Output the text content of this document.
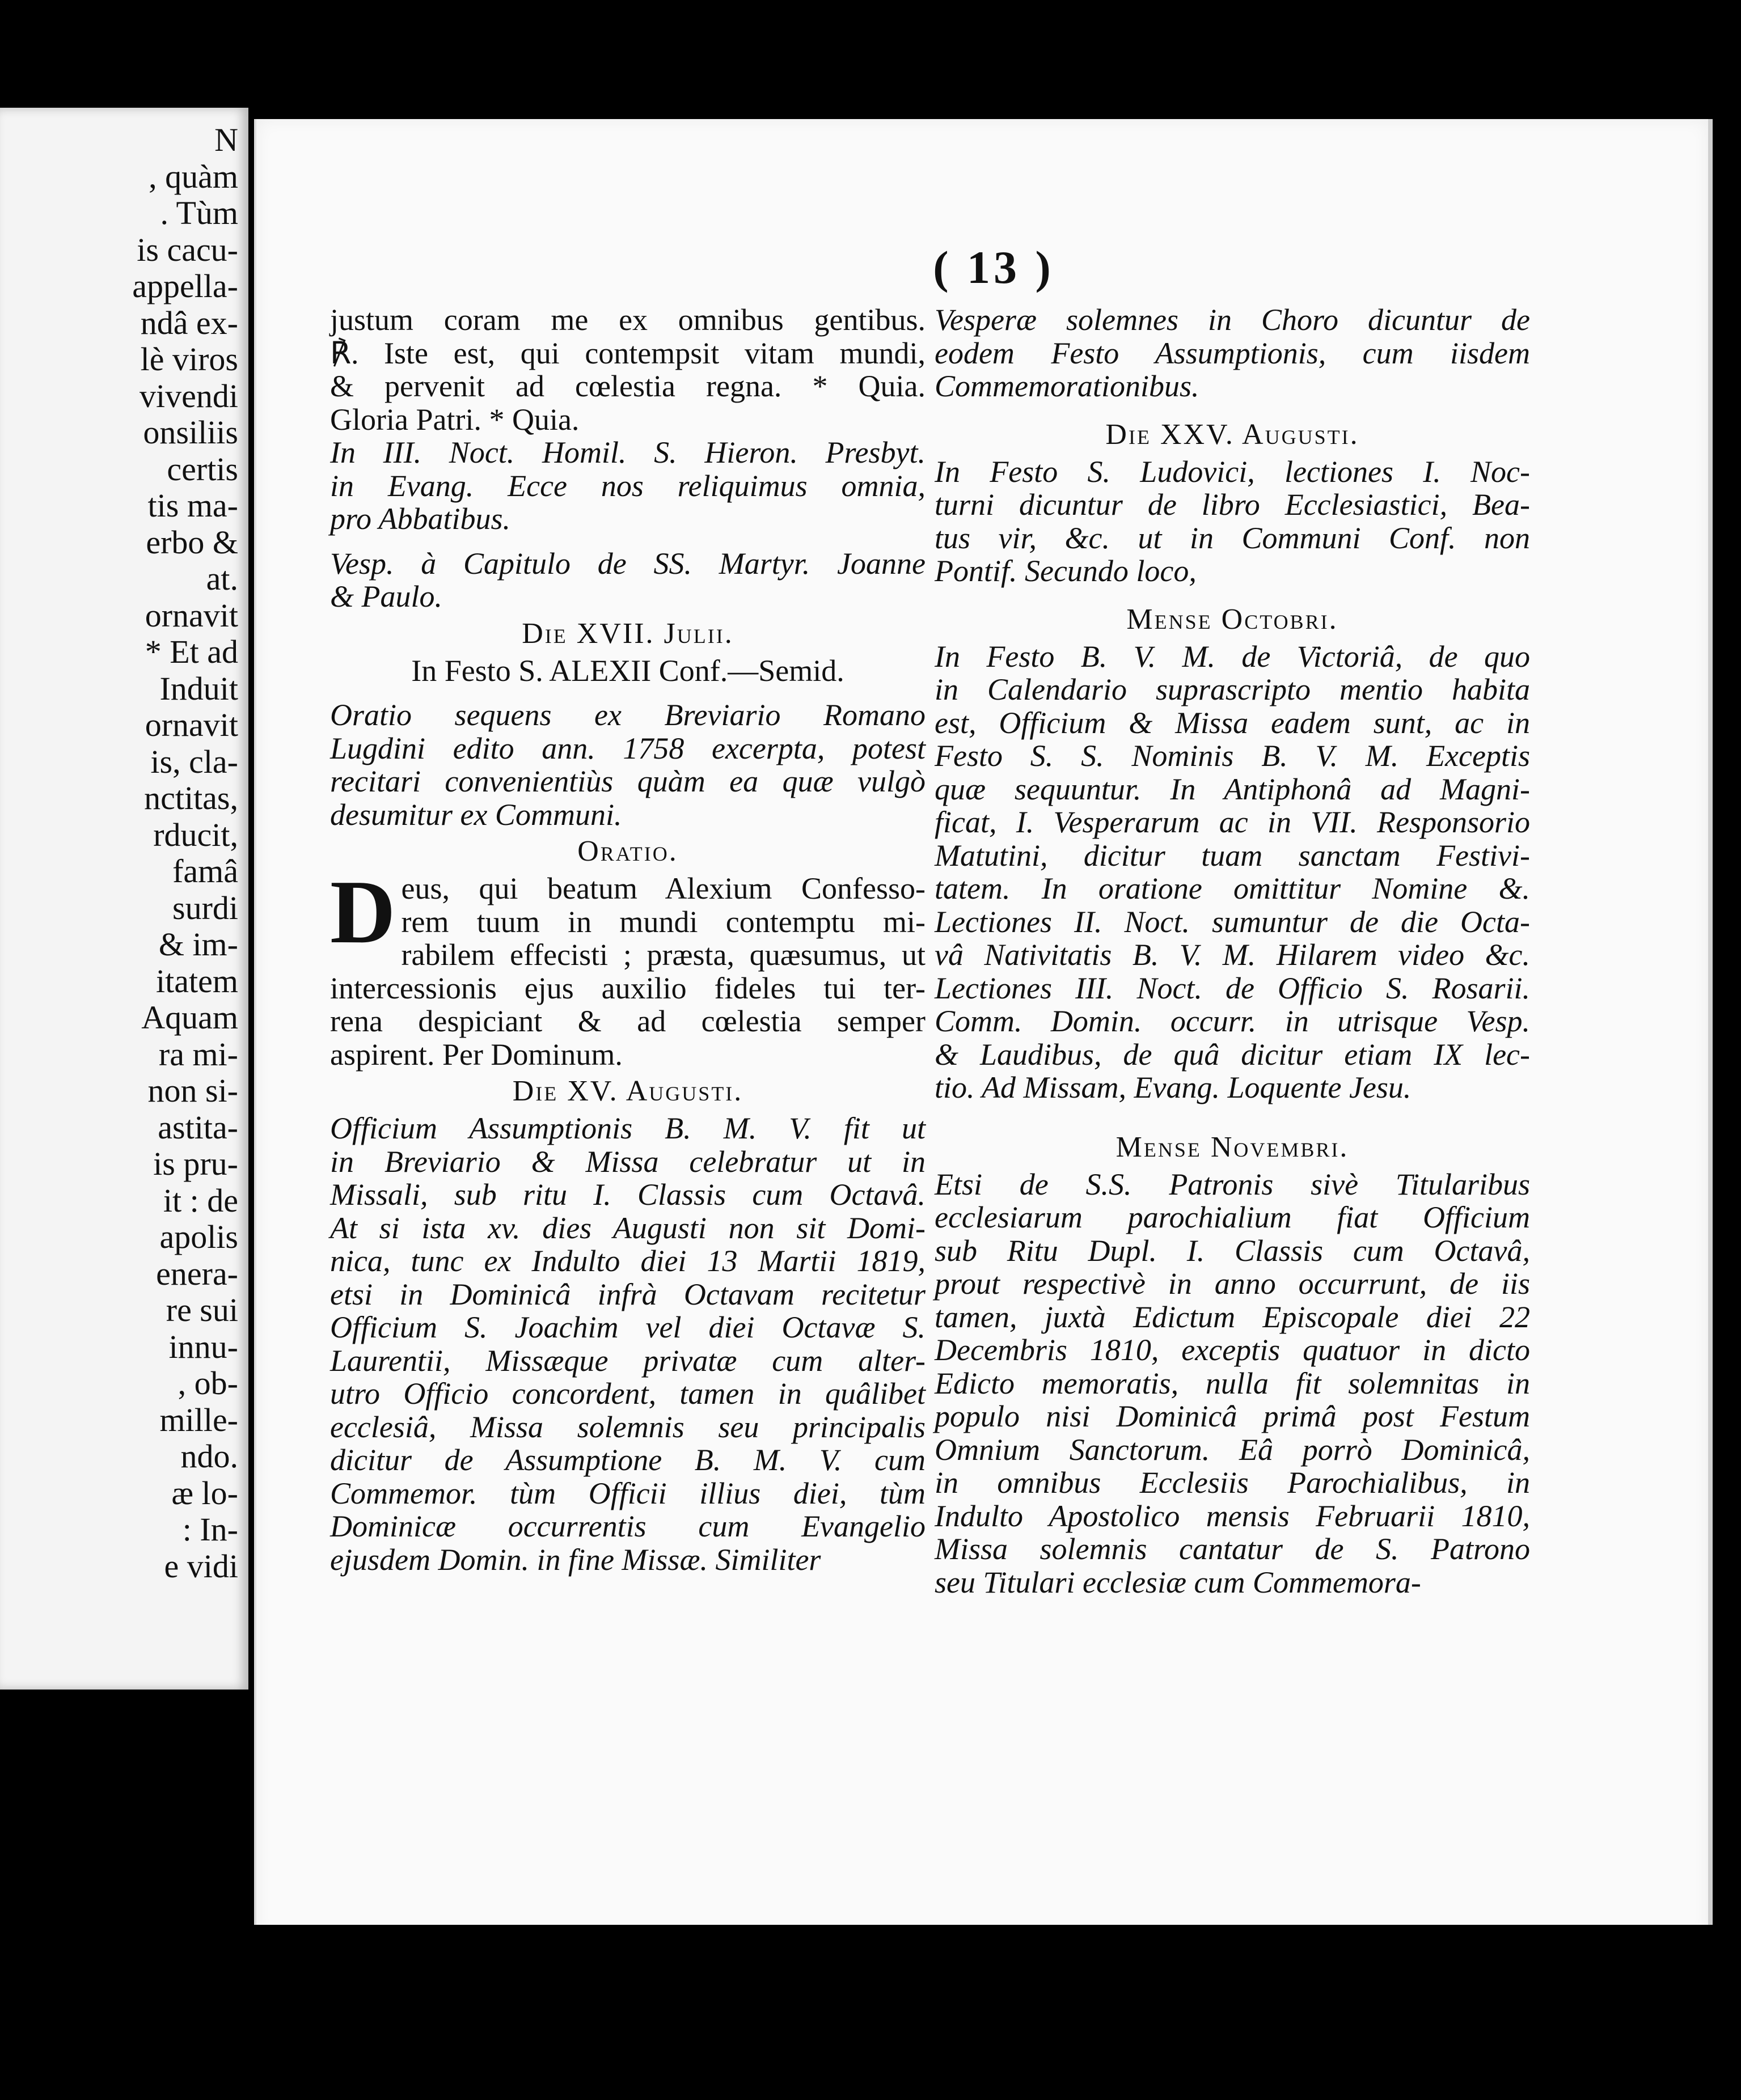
N
, quàm
. Tùm
is cacu-
appella-
ndâ ex-
lè viros
vivendi
onsiliis
certis
tis ma-
erbo &
at.
ornavit
* Et ad
Induit
ornavit
is, cla-
nctitas,
rducit,
famâ
surdi
& im-
itatem
Aquam
ra mi-
non si-
astita-
is pru-
it : de
apolis
enera-
re sui
innu-
, ob-
mille-
ndo.
æ lo-
: In-
e vidi
( 13 )
justum coram me ex omnibus gentibus.
℟. Iste est, qui contempsit vitam mundi,
& pervenit ad cœlestia regna. * Quia.
Gloria Patri. * Quia.
In III. Noct. Homil. S. Hieron. Presbyt.
in Evang. Ecce nos reliquimus omnia,
pro Abbatibus.
Vesp. à Capitulo de SS. Martyr. Joanne
& Paulo.
Die XVII. Julii.
In Festo S. ALEXII Conf.—Semid.
Oratio sequens ex Breviario Romano
Lugdini edito ann. 1758 excerpta, potest
recitari convenientiùs quàm ea quæ vulgò
desumitur ex Communi.
Oratio.
D eus, qui beatum Alexium Confesso-
rem tuum in mundi contemptu mi-
rabilem effecisti ; præsta, quæsumus, ut
intercessionis ejus auxilio fideles tui ter-
rena despiciant & ad cœlestia semper
aspirent. Per Dominum.
Die XV. Augusti.
Officium Assumptionis B. M. V. fit ut
in Breviario & Missa celebratur ut in
Missali, sub ritu I. Classis cum Octavâ.
At si ista xv. dies Augusti non sit Domi-
nica, tunc ex Indulto diei 13 Martii 1819,
etsi in Dominicâ infrà Octavam recitetur
Officium S. Joachim vel diei Octavæ S.
Laurentii, Missæque privatæ cum alter-
utro Officio concordent, tamen in quâlibet
ecclesiâ, Missa solemnis seu principalis
dicitur de Assumptione B. M. V. cum
Commemor. tùm Officii illius diei, tùm
Dominicæ occurrentis cum Evangelio
ejusdem Domin. in fine Missæ. Similiter
Vesperæ solemnes in Choro dicuntur de
eodem Festo Assumptionis, cum iisdem
Commemorationibus.
Die XXV. Augusti.
In Festo S. Ludovici, lectiones I. Noc-
turni dicuntur de libro Ecclesiastici, Bea-
tus vir, &c. ut in Communi Conf. non
Pontif. Secundo loco,
Mense Octobri.
In Festo B. V. M. de Victoriâ, de quo
in Calendario suprascripto mentio habita
est, Officium & Missa eadem sunt, ac in
Festo S. S. Nominis B. V. M. Exceptis
quæ sequuntur. In Antiphonâ ad Magni-
ficat, I. Vesperarum ac in VII. Responsorio
Matutini, dicitur tuam sanctam Festivi-
tatem. In oratione omittitur Nomine &.
Lectiones II. Noct. sumuntur de die Octa-
vâ Nativitatis B. V. M. Hilarem video &c.
Lectiones III. Noct. de Officio S. Rosarii.
Comm. Domin. occurr. in utrisque Vesp.
& Laudibus, de quâ dicitur etiam IX lec-
tio. Ad Missam, Evang. Loquente Jesu.
Mense Novembri.
Etsi de S.S. Patronis sivè Titularibus
ecclesiarum parochialium fiat Officium
sub Ritu Dupl. I. Classis cum Octavâ,
prout respectivè in anno occurrunt, de iis
tamen, juxtà Edictum Episcopale diei 22
Decembris 1810, exceptis quatuor in dicto
Edicto memoratis, nulla fit solemnitas in
populo nisi Dominicâ primâ post Festum
Omnium Sanctorum. Eâ porrò Dominicâ,
in omnibus Ecclesiis Parochialibus, in
Indulto Apostolico mensis Februarii 1810,
Missa solemnis cantatur de S. Patrono
seu Titulari ecclesiæ cum Commemora-
